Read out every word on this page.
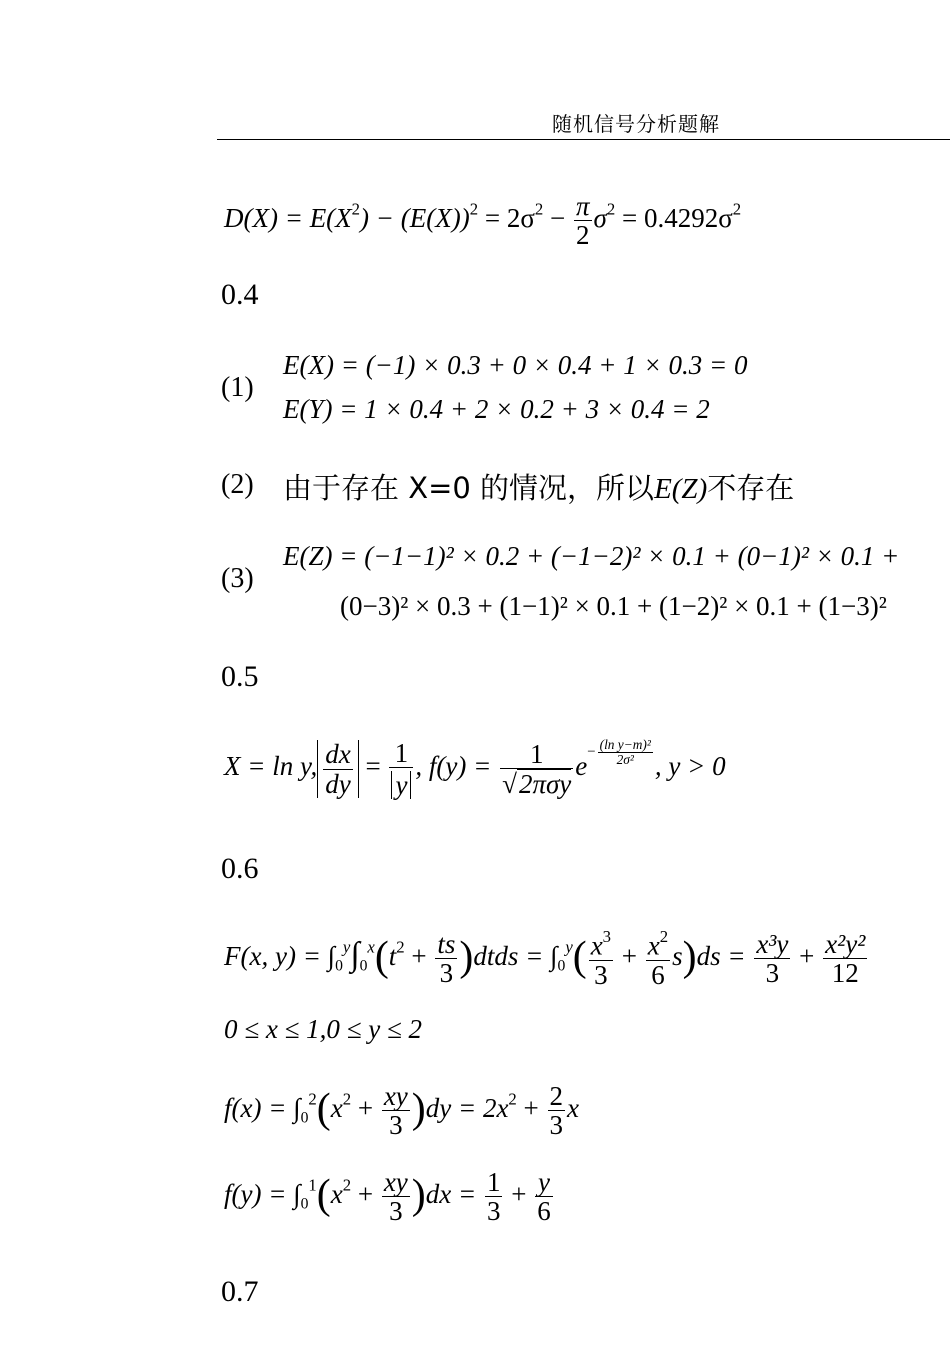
随机信号分析题解
$D(X) = E(X^2) - (E(X))^2 = 2\sigma^2 - \frac{\pi}{2} \sigma^2 = 0.4292\sigma^2$
0.4
(1)
E(X) = (−1) × 0.3 + 0 × 0.4 + 1 × 0.3 = 0
E(Y) = 1 × 0.4 + 2 × 0.2 + 3 × 0.4 = 2
(2) 由于存在 X=0 的情况，所以E(Z)不存在
(3)
E(Z) = (−1−1)² × 0.2 + (−1−2)² × 0.1 + (0−1)² × 0.1 +
(0−3)² × 0.3 + (1−1)² × 0.1 + (1−2)² × 0.1 + (1−3)²
0.5
X = ln y, $\frac{dx}{dy} = \frac{1}{y}$ , $f(y) = \frac{1}{\text{√2πσy}} e^{- \frac{\text{(ln y−m)²}}{\text{2σ²}}}$ , y > 0
0.6
F(x, $y) = \int_0^y\int_0^x(t^2 + \frac{ts}{3}$ )dtds = $\int_0^y( \frac{x^3}{3} + \frac{x^2}{6} s)ds = \frac{\text{x³y}}{3} + \frac{\text{x²y²}}{12}$
0 ≤ x ≤ 1,0 ≤ y ≤ 2
$f(x) = \int_0^2(x^2 + \frac{xy}{3} )dy = 2x^2 + \frac{2}{3}$ x
$f(y) = \int_0^1(x^2 + \frac{xy}{3} )dx = \frac{1}{3} + \frac{y}{6}$
0.7
